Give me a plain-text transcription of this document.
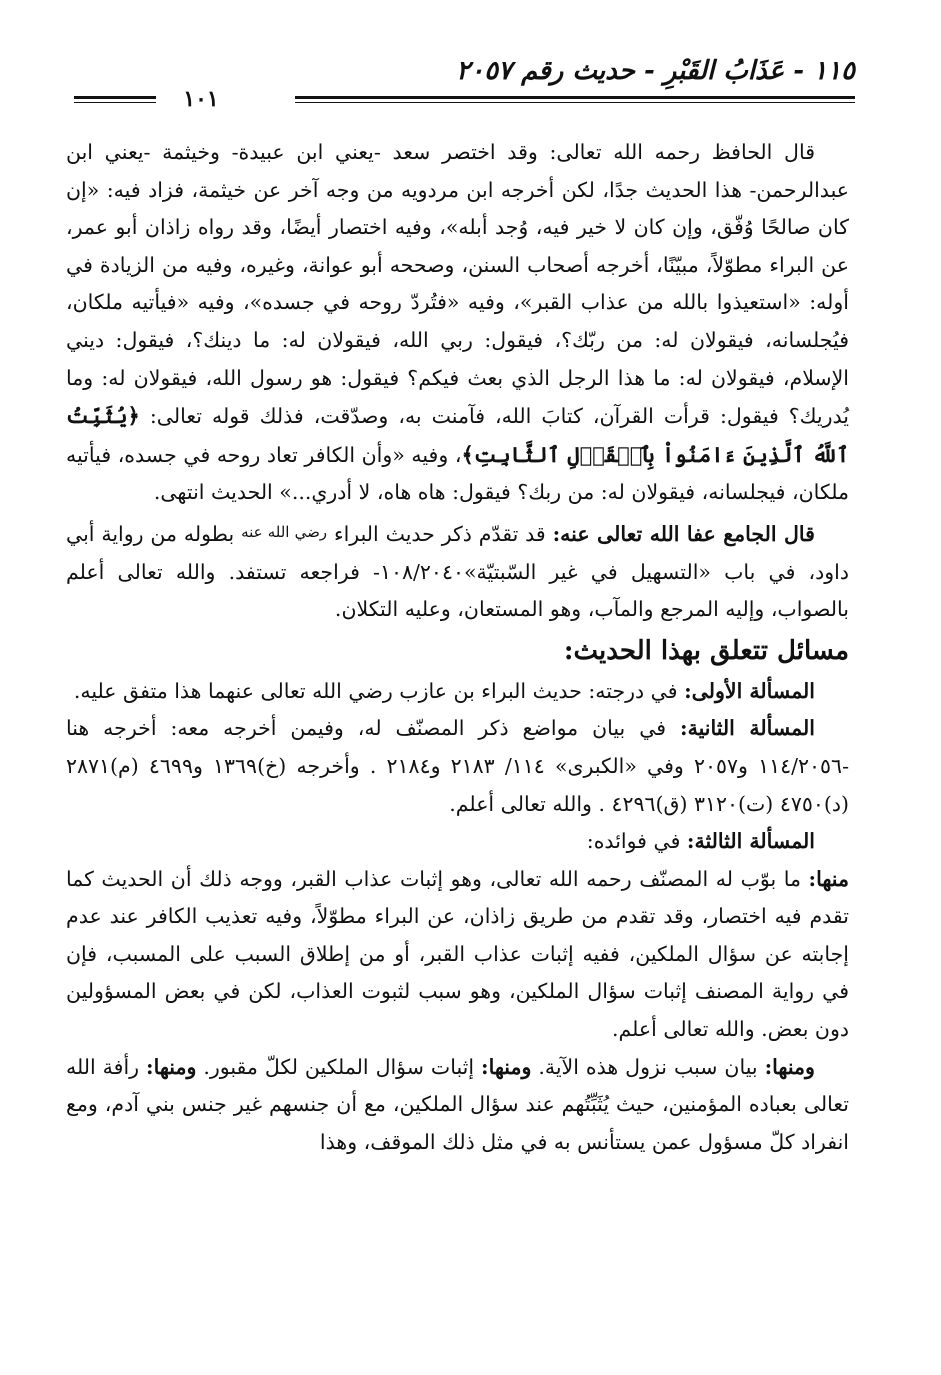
١١٥ - عَذَابُ القَبْرِ - حديث رقم ٢٠٥٧
١٠١

قال الحافظ رحمه الله تعالى: وقد اختصر سعد -يعني ابن عبيدة- وخيثمة -يعني ابن عبدالرحمن- هذا الحديث جدًا، لكن أخرجه ابن مردويه من وجه آخر عن خيثمة، فزاد فيه: «إن كان صالحًا وُفّق، وإن كان لا خير فيه، وُجد أبله»، وفيه اختصار أيضًا، وقد رواه زاذان أبو عمر، عن البراء مطوّلاً، مبيّنًا، أخرجه أصحاب السنن، وصححه أبو عوانة، وغيره، وفيه من الزيادة في أوله: «استعيذوا بالله من عذاب القبر»، وفيه «فتُردّ روحه في جسده»، وفيه «فيأتيه ملكان، فيُجلسانه، فيقولان له: من ربّك؟، فيقول: ربي الله، فيقولان له: ما دينك؟، فيقول: ديني الإسلام، فيقولان له: ما هذا الرجل الذي بعث فيكم؟ فيقول: هو رسول الله، فيقولان له: وما يُدريك؟ فيقول: قرأت القرآن، كتابَ الله، فآمنت به، وصدّقت، فذلك قوله تعالى: ﴿يُثَبِّتُ ٱللَّهُ ٱلَّذِينَ ءَامَنُواْ بِٱلۡقَوۡلِ ٱلثَّابِتِ﴾، وفيه «وأن الكافر تعاد روحه في جسده، فيأتيه ملكان، فيجلسانه، فيقولان له: من ربك؟ فيقول: هاه هاه، لا أدري...» الحديث انتهى.

قال الجامع عفا الله تعالى عنه: قد تقدّم ذكر حديث البراء رضي الله عنه بطوله من رواية أبي داود، في باب «التسهيل في غير السّبتيّة»١٠٨/٢٠٤٠- فراجعه تستفد. والله تعالى أعلم بالصواب، وإليه المرجع والمآب، وهو المستعان، وعليه التكلان.

مسائل تتعلق بهذا الحديث:

المسألة الأولى: في درجته: حديث البراء بن عازب رضي الله تعالى عنهما هذا متفق عليه.

المسألة الثانية: في بيان مواضع ذكر المصنّف له، وفيمن أخرجه معه: أخرجه هنا -١١٤/٢٠٥٦ و٢٠٥٧ وفي «الكبرى» ١١٤/ ٢١٨٣ و٢١٨٤ . وأخرجه (خ)١٣٦٩ و٤٦٩٩ (م)٢٨٧١ (د)٤٧٥٠ (ت)٣١٢٠ (ق)٤٢٩٦ . والله تعالى أعلم.

المسألة الثالثة: في فوائده:

منها: ما بوّب له المصنّف رحمه الله تعالى، وهو إثبات عذاب القبر، ووجه ذلك أن الحديث كما تقدم فيه اختصار، وقد تقدم من طريق زاذان، عن البراء مطوّلاً، وفيه تعذيب الكافر عند عدم إجابته عن سؤال الملكين، ففيه إثبات عذاب القبر، أو من إطلاق السبب على المسبب، فإن في رواية المصنف إثبات سؤال الملكين، وهو سبب لثبوت العذاب، لكن في بعض المسؤولين دون بعض. والله تعالى أعلم.

ومنها: بيان سبب نزول هذه الآية. ومنها: إثبات سؤال الملكين لكلّ مقبور. ومنها: رأفة الله تعالى بعباده المؤمنين، حيث يُثَبِّتُهم عند سؤال الملكين، مع أن جنسهم غير جنس بني آدم، ومع انفراد كلّ مسؤول عمن يستأنس به في مثل ذلك الموقف، وهذا
